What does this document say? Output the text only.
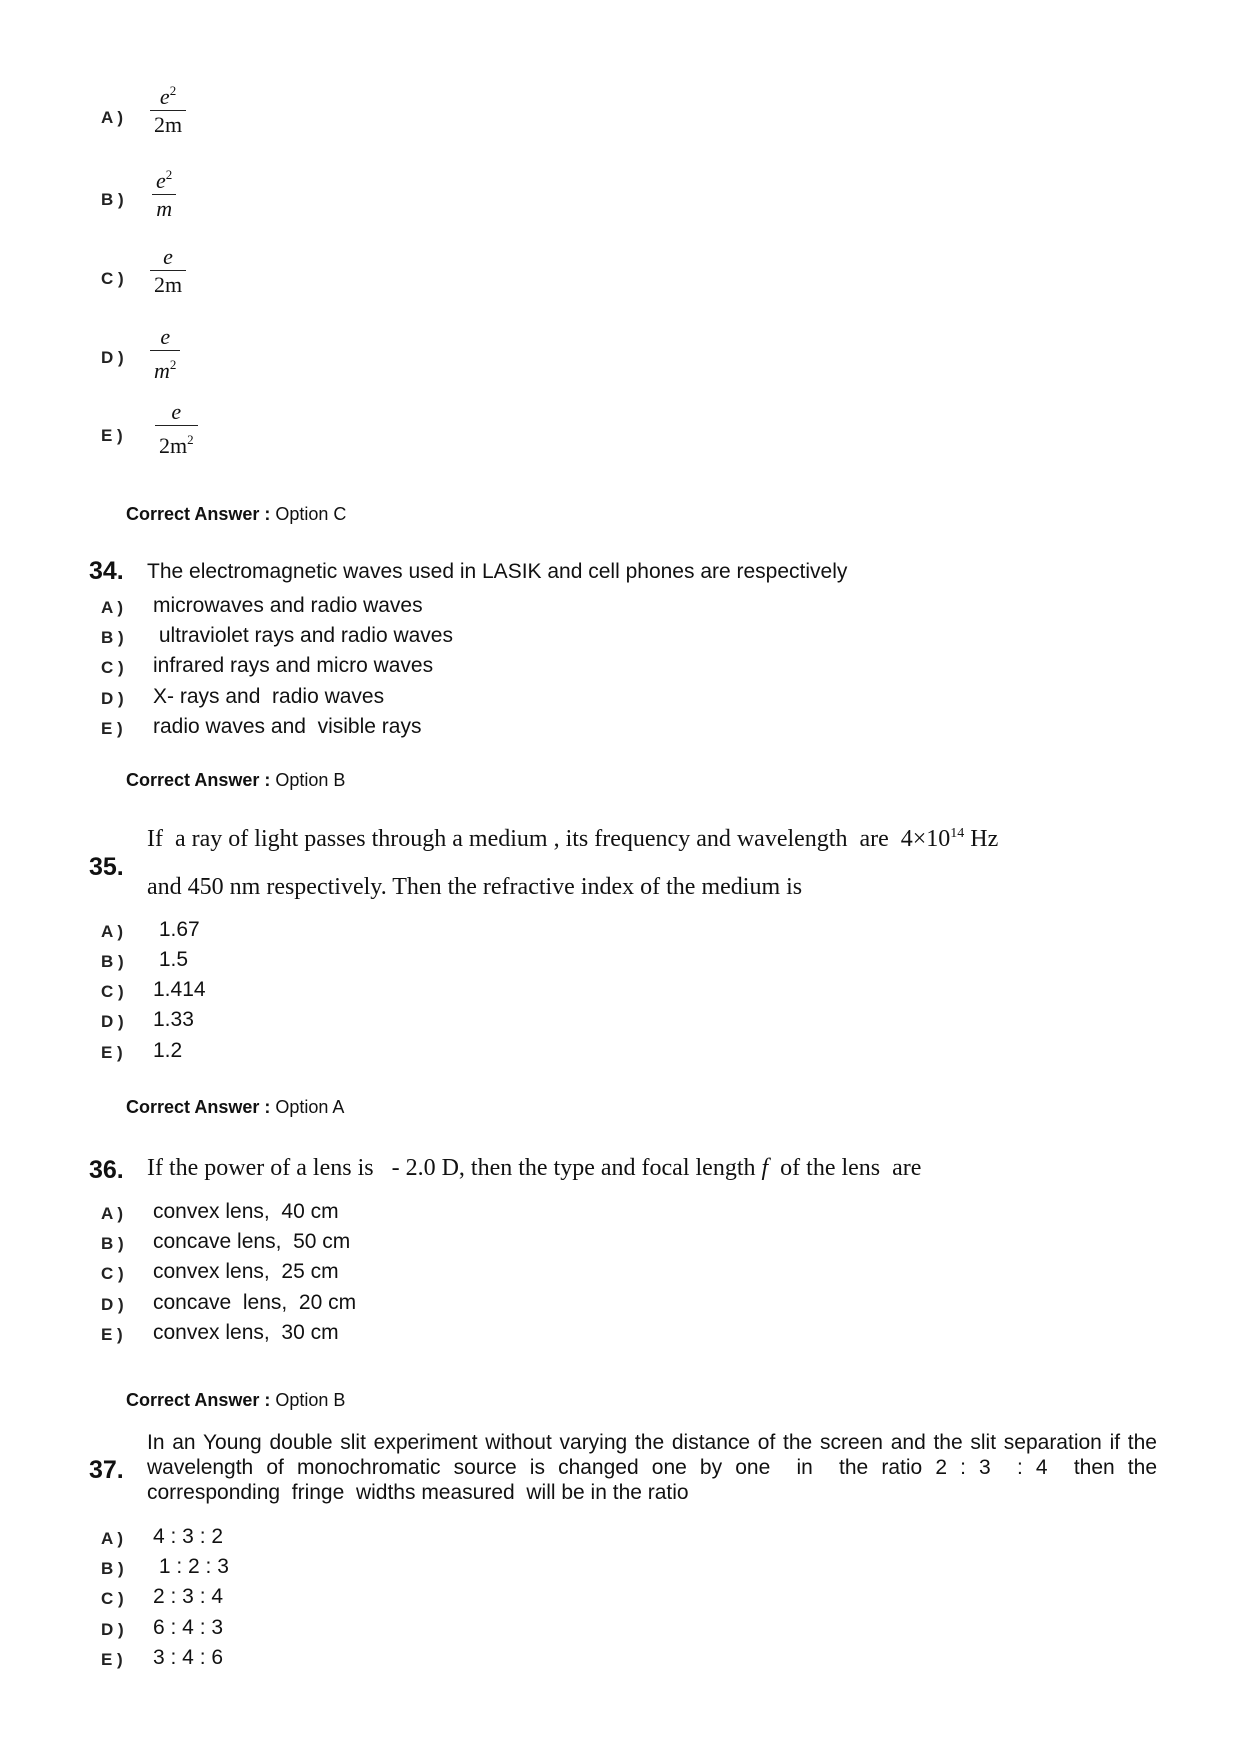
A )
$e^2$
2m
B )
$e^2$
m
C )
e
2m
D )
e
$m^2$
E )
e
$2m^2$
Correct Answer : Option C
34. The electromagnetic waves used in LASIK and cell phones are respectively
A ) microwaves and radio waves
B ) ultraviolet rays and radio waves
C ) infrared rays and micro waves
D ) X- rays and  radio waves
E ) radio waves and  visible rays
Correct Answer : Option B
35.
If  a ray of light passes through a medium , its frequency and wavelength  are  $4\times 10^{14}$ Hz
and 450 nm respectively. Then the refractive index of the medium is
A ) 1.67
B ) 1.5
C ) 1.414
D ) 1.33
E ) 1.2
Correct Answer : Option A
36. If the power of a lens is   - 2.0 D, then the type and focal length f  of the lens  are
A ) convex lens,  40 cm
B ) concave lens,  50 cm
C ) convex lens,  25 cm
D ) concave  lens,  20 cm
E ) convex lens,  30 cm
Correct Answer : Option B
37.
In an Young double slit experiment without varying the distance of the screen and the slit separation if the
wavelength of monochromatic source is changed one by one  in  the ratio 2 : 3  : 4  then the
corresponding  fringe  widths measured  will be in the ratio
A ) 4 : 3 : 2
B ) 1 : 2 : 3
C ) 2 : 3 : 4
D ) 6 : 4 : 3
E ) 3 : 4 : 6
